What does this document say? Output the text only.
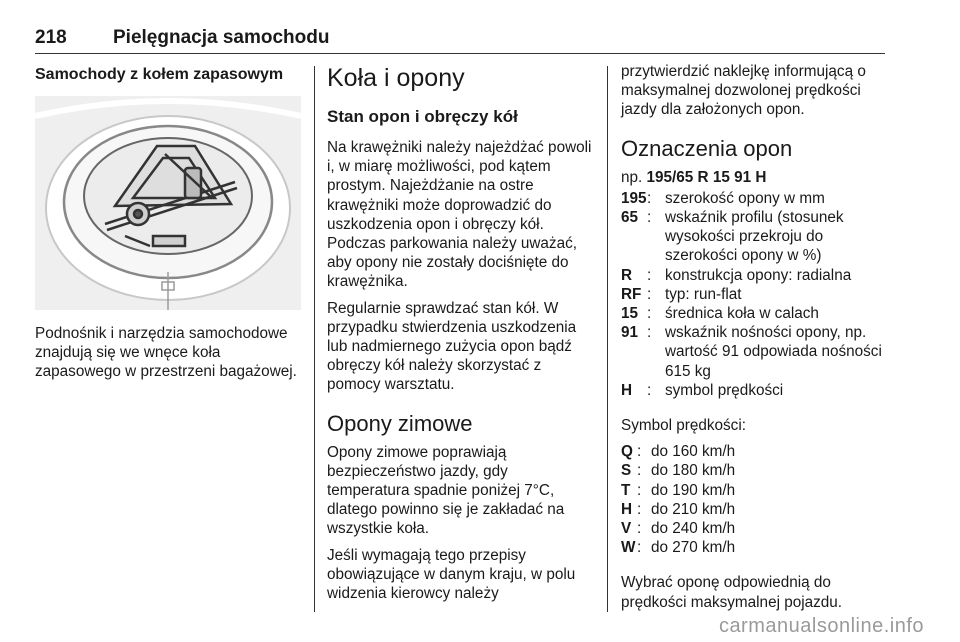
218 Pielęgnacja samochodu
Samochody z kołem zapasowym

Podnośnik i narzędzia samochodowe znajdują się we wnęce koła zapasowego w przestrzeni bagażowej.

Koła i opony
Stan opon i obręczy kół

Na krawężniki należy najeżdżać powoli i, w miarę możliwości, pod kątem prostym. Najeżdżanie na ostre krawężniki może doprowadzić do uszkodzenia opon i obręczy kół. Podczas parkowania należy uważać, aby opony nie zostały dociśnięte do krawężnika.

Regularnie sprawdzać stan kół. W przypadku stwierdzenia uszkodzenia lub nadmiernego zużycia opon bądź obręczy kół należy skorzystać z pomocy warsztatu.

Opony zimowe

Opony zimowe poprawiają bezpieczeństwo jazdy, gdy temperatura spadnie poniżej 7°C, dlatego powinno się je zakładać na wszystkie koła.

Jeśli wymagają tego przepisy obowiązujące w danym kraju, w polu widzenia kierowcy należy

przytwierdzić naklejkę informującą o maksymalnej dozwolonej prędkości jazdy dla założonych opon.

Oznaczenia opon

np. 195/65 R 15 91 H

195 : szerokość opony w mm
65 : wskaźnik profilu (stosunek wysokości przekroju do szerokości opony w %)
R : konstrukcja opony: radialna
RF : typ: run-flat
15 : średnica koła w calach
91 : wskaźnik nośności opony, np. wartość 91 odpowiada nośności 615 kg
H : symbol prędkości

Symbol prędkości:

Q : do 160 km/h
S : do 180 km/h
T : do 190 km/h
H : do 210 km/h
V : do 240 km/h
W : do 270 km/h

Wybrać oponę odpowiednią do prędkości maksymalnej pojazdu.

carmanualsonline.info
